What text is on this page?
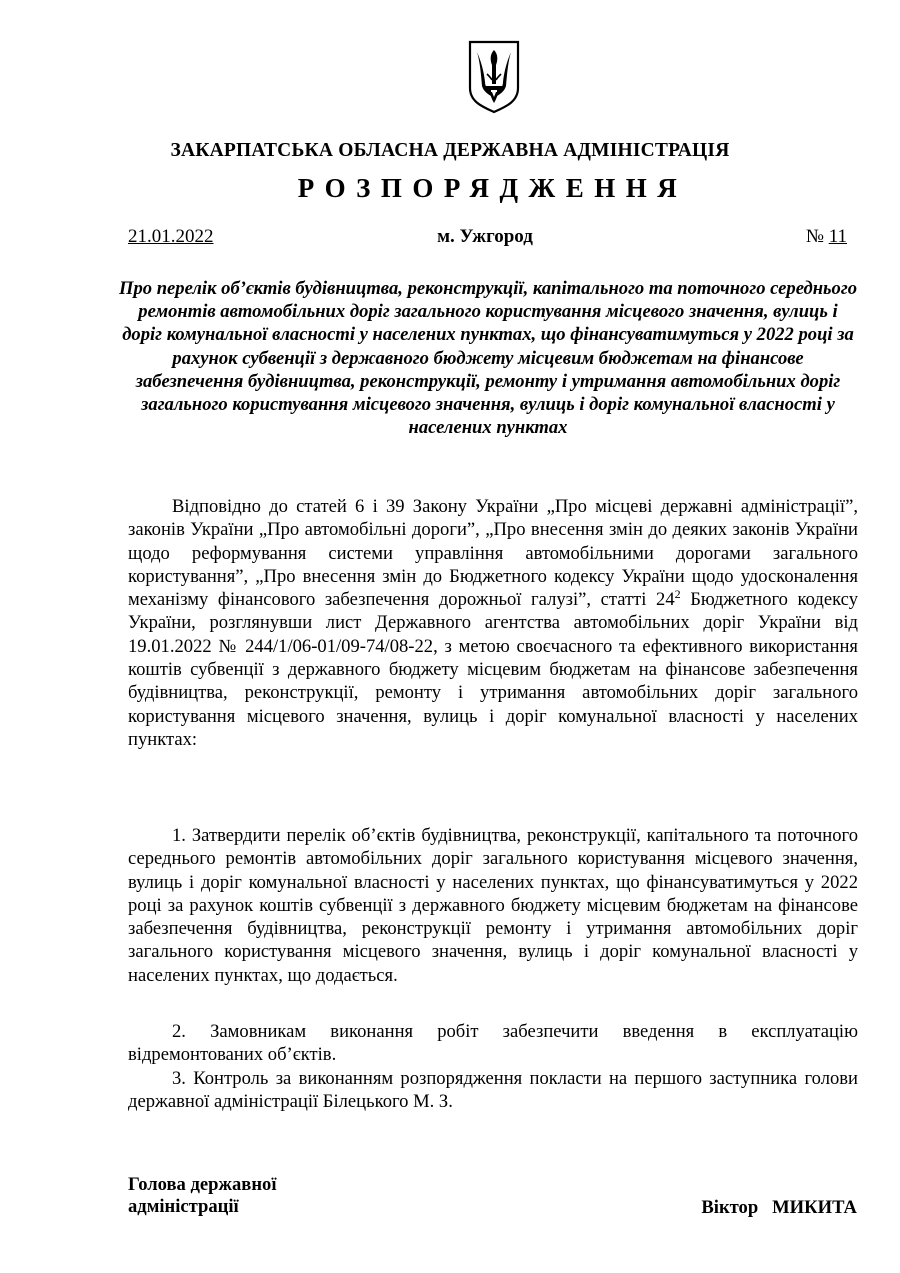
ЗАКАРПАТСЬКА ОБЛАСНА ДЕРЖАВНА АДМІНІСТРАЦІЯ
РОЗПОРЯДЖЕННЯ
21.01.2022	м. Ужгород	№ 11
Про перелік об’єктів будівництва, реконструкції, капітального та поточного середнього ремонтів автомобільних доріг загального користування місцевого значення, вулиць і доріг комунальної власності у населених пунктах, що фінансуватимуться у 2022 році за рахунок субвенції з державного бюджету місцевим бюджетам на фінансове забезпечення будівництва, реконструкції, ремонту і утримання автомобільних доріг загального користування місцевого значення, вулиць і доріг комунальної власності у населених пунктах
Відповідно до статей 6 і 39 Закону України „Про місцеві державні адміністрації”, законів України „Про автомобільні дороги”, „Про внесення змін до деяких законів України щодо реформування системи управління автомобільними дорогами загального користування”, „Про внесення змін до Бюджетного кодексу України щодо удосконалення механізму фінансового забезпечення дорожньої галузі”, статті $24^2$ Бюджетного кодексу України, розглянувши лист Державного агентства автомобільних доріг України від 19.01.2022 № 244/1/06-01/09-74/08-22, з метою своєчасного та ефективного використання коштів субвенції з державного бюджету місцевим бюджетам на фінансове забезпечення будівництва, реконструкції, ремонту і утримання автомобільних доріг загального користування місцевого значення, вулиць і доріг комунальної власності у населених пунктах:
1. Затвердити перелік об’єктів будівництва, реконструкції, капітального та поточного середнього ремонтів автомобільних доріг загального користування місцевого значення, вулиць і доріг комунальної власності у населених пунктах, що фінансуватимуться у 2022 році за рахунок коштів субвенції з державного бюджету місцевим бюджетам на фінансове забезпечення будівництва, реконструкції ремонту і утримання автомобільних доріг загального користування місцевого значення, вулиць і доріг комунальної власності у населених пунктах, що додається.
2. Замовникам виконання робіт забезпечити введення в експлуатацію відремонтованих об’єктів.
3. Контроль за виконанням розпорядження покласти на першого заступника голови державної адміністрації Білецького М. З.
Голова державної
адміністрації	Віктор   МИКИТА
